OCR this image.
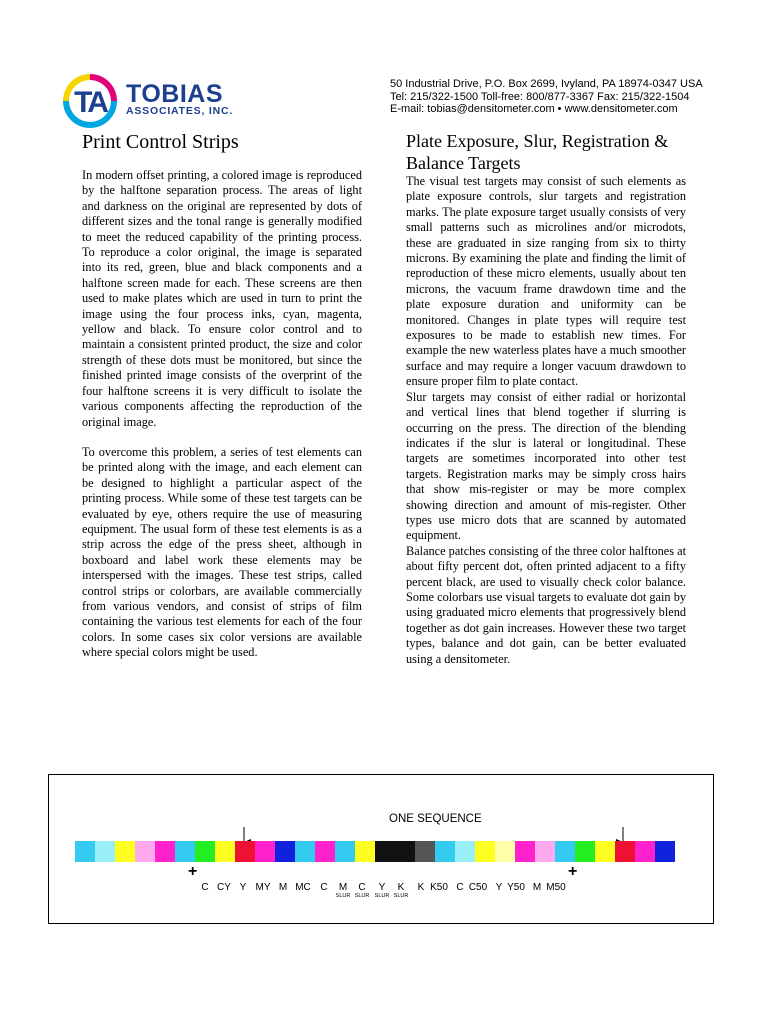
TA TOBIAS
ASSOCIATES, INC.
50 Industrial Drive, P.O. Box 2699, Ivyland, PA 18974-0347 USA
Tel: 215/322-1500 Toll-free: 800/877-3367 Fax: 215/322-1504
E-mail: tobias@densitometer.com • www.densitometer.com
Print Control Strips

In modern offset printing, a colored image is reproduced by the halftone separation process. The areas of light and darkness on the original are represented by dots of different sizes and the tonal range is generally modified to meet the reduced capability of the printing process. To reproduce a color original, the image is separated into its red, green, blue and black components and a halftone screen made for each. These screens are then used to make plates which are used in turn to print the image using the four process inks, cyan, magenta, yellow and black. To ensure color control and to maintain a consistent printed product, the size and color strength of these dots must be monitored, but since the finished printed image consists of the overprint of the four halftone screens it is very difficult to isolate the various components affecting the reproduction of the original image.

To overcome this problem, a series of test elements can be printed along with the image, and each element can be designed to highlight a particular aspect of the printing process. While some of these test targets can be evaluated by eye, others require the use of measuring equipment. The usual form of these test elements is as a strip across the edge of the press sheet, although in boxboard and label work these elements may be interspersed with the images. These test strips, called control strips or colorbars, are available commercially from various vendors, and consist of strips of film containing the various test elements for each of the four colors. In some cases six color versions are available where special colors might be used.

Plate Exposure, Slur, Registration & Balance Targets

The visual test targets may consist of such elements as plate exposure controls, slur targets and registration marks. The plate exposure target usually consists of very small patterns such as microlines and/or microdots, these are graduated in size ranging from six to thirty microns. By examining the plate and finding the limit of reproduction of these micro elements, usually about ten microns, the vacuum frame drawdown time and the plate exposure duration and uniformity can be monitored. Changes in plate types will require test exposures to be made to establish new times. For example the new waterless plates have a much smoother surface and may require a longer vacuum drawdown to ensure proper film to plate contact.

Slur targets may consist of either radial or horizontal and vertical lines that blend together if slurring is occurring on the press. The direction of the blending indicates if the slur is lateral or longitudinal. These targets are sometimes incorporated into other test targets. Registration marks may be simply cross hairs that show mis-register or may be more complex showing direction and amount of mis-register. Other types use micro dots that are scanned by automated equipment.

Balance patches consisting of the three color halftones at about fifty percent dot, often printed adjacent to a fifty percent black, are used to visually check color balance. Some colorbars use visual targets to evaluate dot gain by using graduated micro elements that progressively blend together as dot gain increases. However these two target types, balance and dot gain, can be better evaluated using a densitometer.

ONE SEQUENCE
+	+
C CY Y MY M MC C	M	C	Y	K	K K50 C C50 Y Y50 M M50
SLUR SLUR SLUR SLUR
